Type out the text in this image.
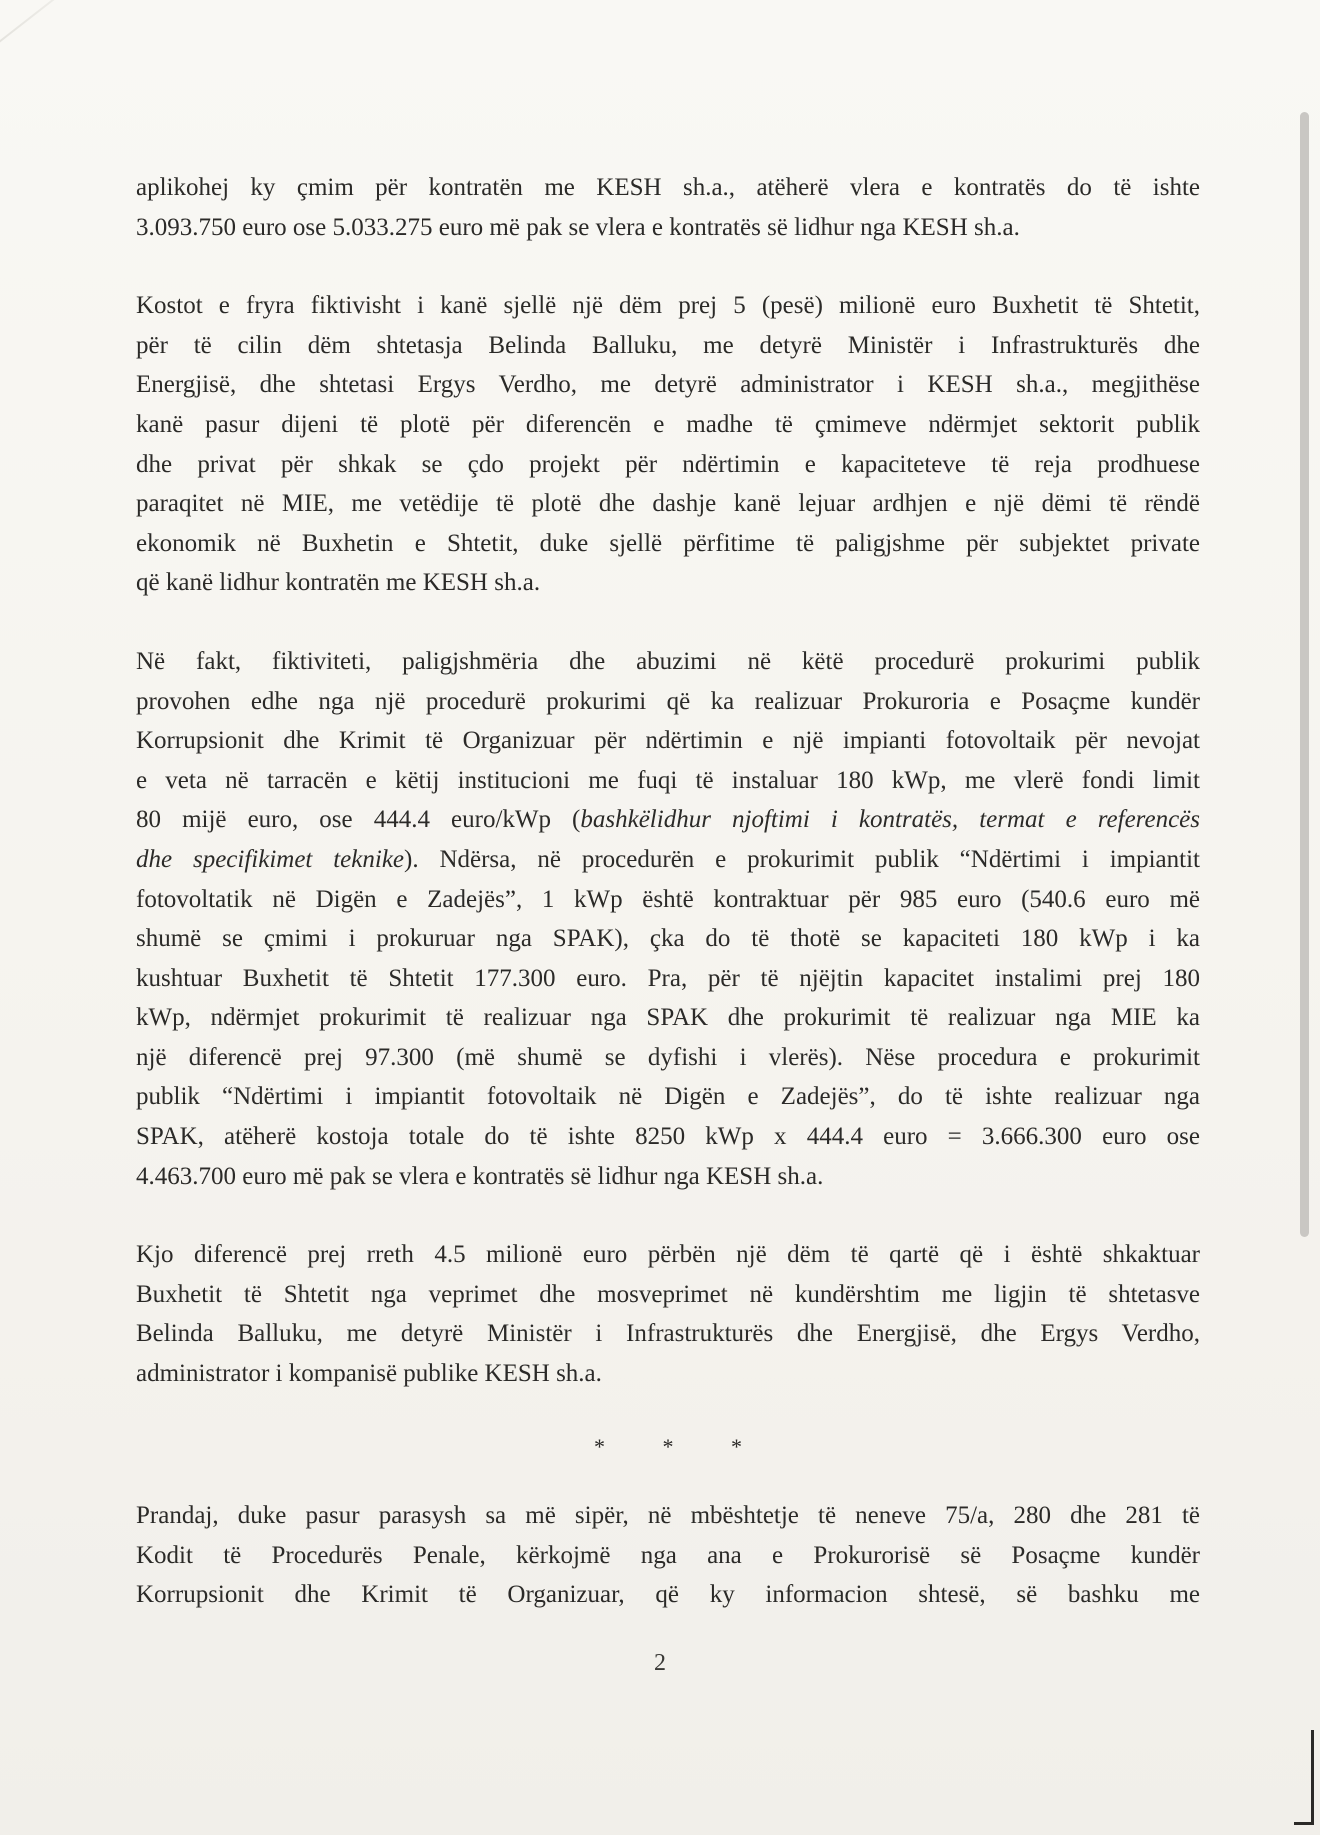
aplikohej ky çmim për kontratën me KESH sh.a., atëherë vlera e kontratës do të ishte
3.093.750 euro ose 5.033.275 euro më pak se vlera e kontratës së lidhur nga KESH sh.a.

Kostot e fryra fiktivisht i kanë sjellë një dëm prej 5 (pesë) milionë euro Buxhetit të Shtetit,
për të cilin dëm shtetasja Belinda Balluku, me detyrë Ministër i Infrastrukturës dhe
Energjisë, dhe shtetasi Ergys Verdho, me detyrë administrator i KESH sh.a., megjithëse
kanë pasur dijeni të plotë për diferencën e madhe të çmimeve ndërmjet sektorit publik
dhe privat për shkak se çdo projekt për ndërtimin e kapaciteteve të reja prodhuese
paraqitet në MIE, me vetëdije të plotë dhe dashje kanë lejuar ardhjen e një dëmi të rëndë
ekonomik në Buxhetin e Shtetit, duke sjellë përfitime të paligjshme për subjektet private
që kanë lidhur kontratën me KESH sh.a.

Në fakt, fiktiviteti, paligjshmëria dhe abuzimi në këtë procedurë prokurimi publik
provohen edhe nga një procedurë prokurimi që ka realizuar Prokuroria e Posaçme kundër
Korrupsionit dhe Krimit të Organizuar për ndërtimin e një impianti fotovoltaik për nevojat
e veta në tarracën e këtij institucioni me fuqi të instaluar 180 kWp, me vlerë fondi limit
80 mijë euro, ose 444.4 euro/kWp (bashkëlidhur njoftimi i kontratës, termat e referencës
dhe specifikimet teknike). Ndërsa, në procedurën e prokurimit publik “Ndërtimi i impiantit
fotovoltatik në Digën e Zadejës”, 1 kWp është kontraktuar për 985 euro (540.6 euro më
shumë se çmimi i prokuruar nga SPAK), çka do të thotë se kapaciteti 180 kWp i ka
kushtuar Buxhetit të Shtetit 177.300 euro. Pra, për të njëjtin kapacitet instalimi prej 180
kWp, ndërmjet prokurimit të realizuar nga SPAK dhe prokurimit të realizuar nga MIE ka
një diferencë prej 97.300 (më shumë se dyfishi i vlerës). Nëse procedura e prokurimit
publik “Ndërtimi i impiantit fotovoltaik në Digën e Zadejës”, do të ishte realizuar nga
SPAK, atëherë kostoja totale do të ishte 8250 kWp x 444.4 euro = 3.666.300 euro ose
4.463.700 euro më pak se vlera e kontratës së lidhur nga KESH sh.a.

Kjo diferencë prej rreth 4.5 milionë euro përbën një dëm të qartë që i është shkaktuar
Buxhetit të Shtetit nga veprimet dhe mosveprimet në kundërshtim me ligjin të shtetasve
Belinda Balluku, me detyrë Ministër i Infrastrukturës dhe Energjisë, dhe Ergys Verdho,
administrator i kompanisë publike KESH sh.a.

* * *

Prandaj, duke pasur parasysh sa më sipër, në mbështetje të neneve 75/a, 280 dhe 281 të
Kodit të Procedurës Penale, kërkojmë nga ana e Prokurorisë së Posaçme kundër
Korrupsionit dhe Krimit të Organizuar, që ky informacion shtesë, së bashku me

2
